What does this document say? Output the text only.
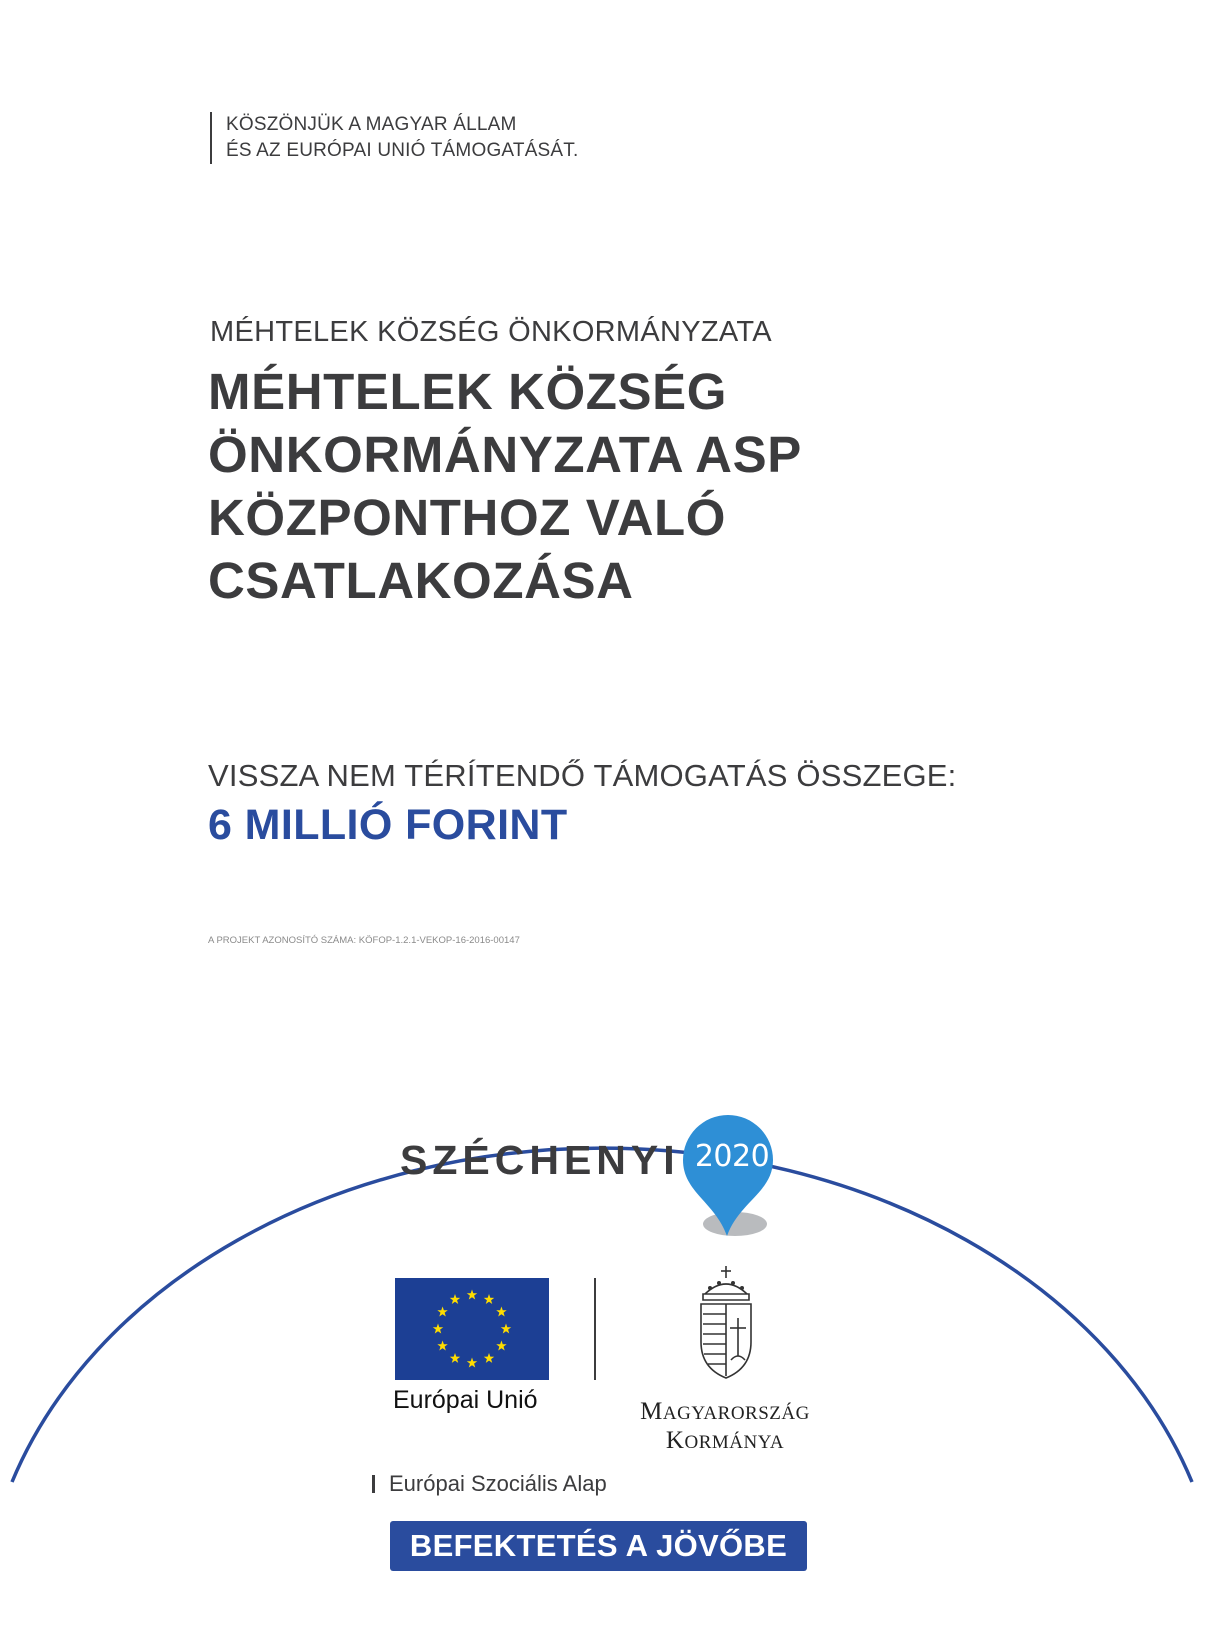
KÖSZÖNJÜK A MAGYAR ÁLLAM
ÉS AZ EURÓPAI UNIÓ TÁMOGATÁSÁT.
MÉHTELEK KÖZSÉG ÖNKORMÁNYZATA
MÉHTELEK KÖZSÉG
ÖNKORMÁNYZATA ASP
KÖZPONTHOZ VALÓ
CSATLAKOZÁSA
VISSZA NEM TÉRÍTENDŐ TÁMOGATÁS ÖSSZEGE:
6 MILLIÓ FORINT
A PROJEKT AZONOSÍTÓ SZÁMA: KÖFOP-1.2.1-VEKOP-16-2016-00147
SZÉCHENYI 2020
Európai Unió	MAGYARORSZÁG
KORMÁNYA
Európai Szociális Alap
BEFEKTETÉS A JÖVŐBE
